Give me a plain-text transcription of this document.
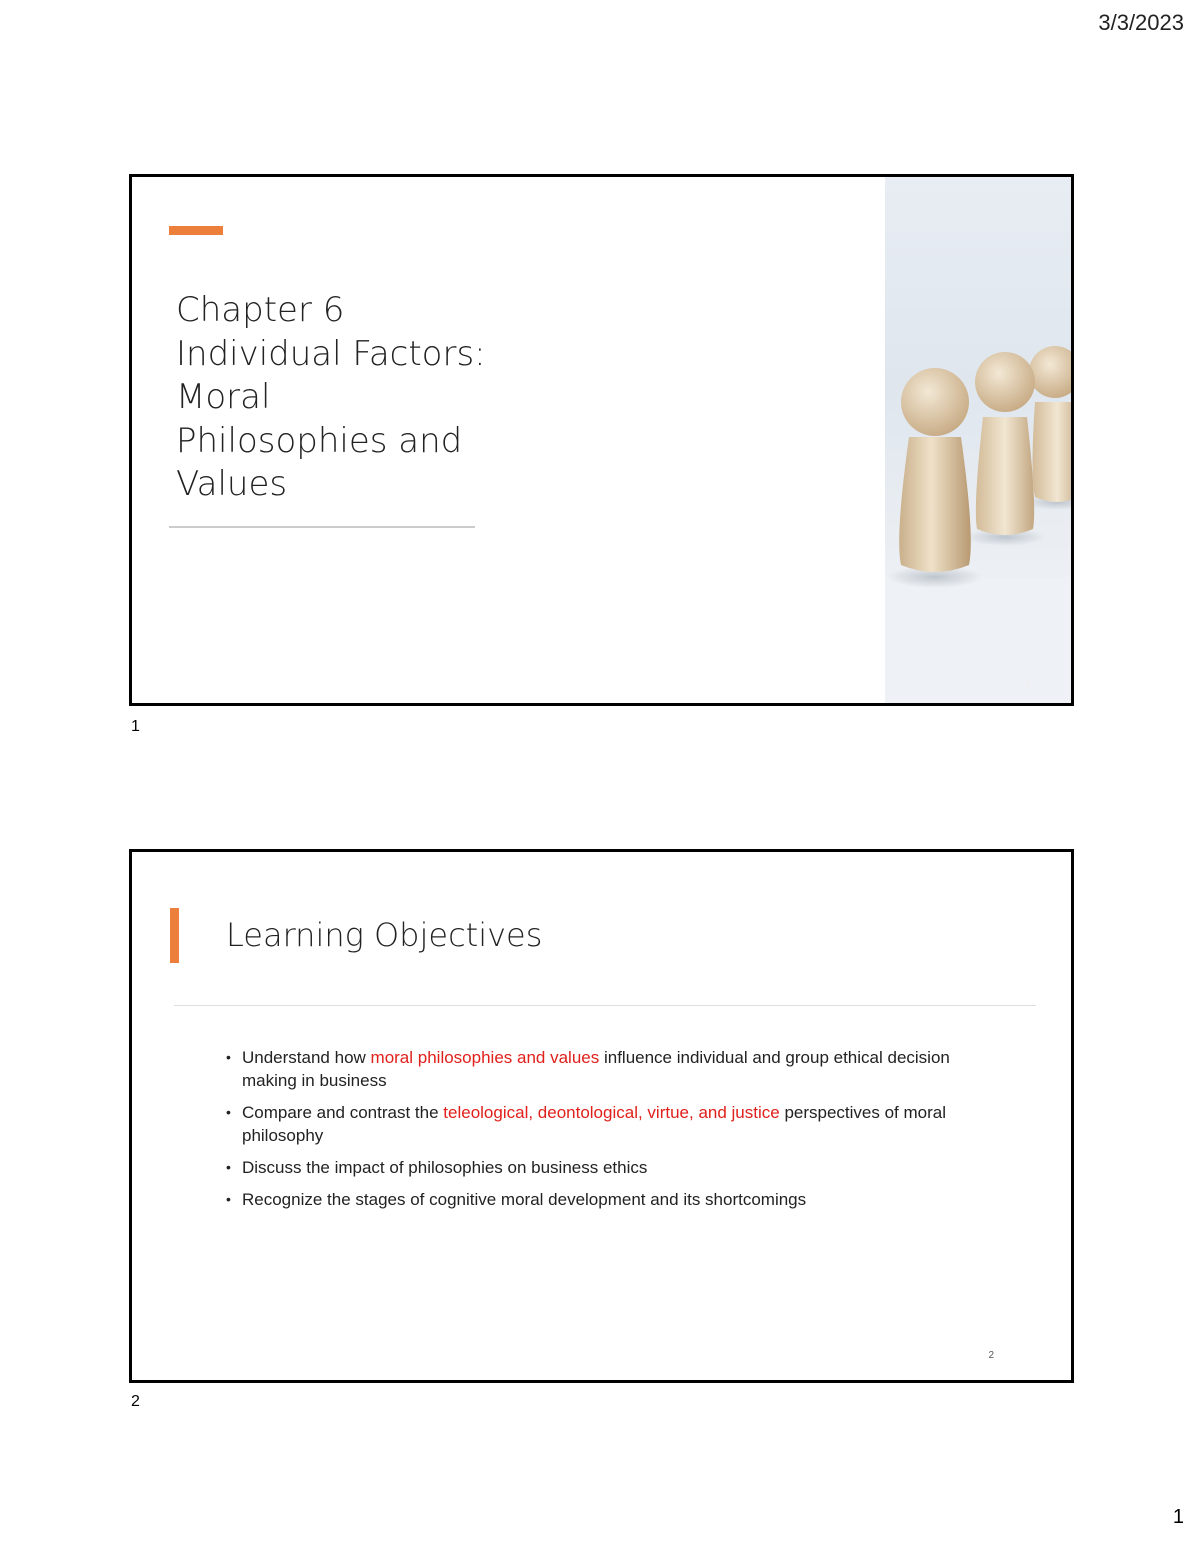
3/3/2023
Chapter 6
Individual Factors:
Moral
Philosophies and
Values
1
1
Learning Objectives
• Understand how moral philosophies and values influence individual and group ethical decision making in business
• Compare and contrast the teleological, deontological, virtue, and justice perspectives of moral philosophy
• Discuss the impact of philosophies on business ethics
• Recognize the stages of cognitive moral development and its shortcomings
2
2
1
